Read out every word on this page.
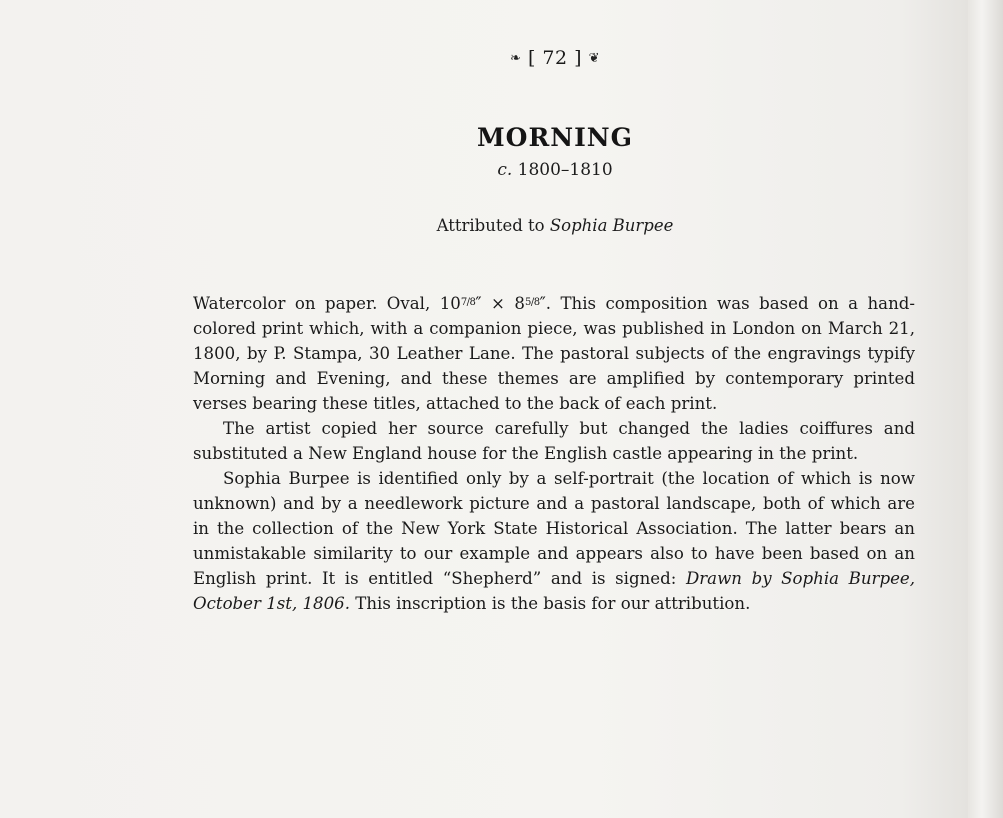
❧ [ 72 ] ❦
MORNING
c. 1800–1810
Attributed to Sophia Burpee

Watercolor on paper. Oval, $10^{7/8}'' \times 8^{5/8}''$. This composition was based on a hand-colored print which, with a companion piece, was published in London on March 21, 1800, by P. Stampa, 30 Leather Lane. The pastoral subjects of the engravings typify Morning and Evening, and these themes are amplified by contemporary printed verses bearing these titles, attached to the back of each print.

The artist copied her source carefully but changed the ladies coiffures and substituted a New England house for the English castle appearing in the print.

Sophia Burpee is identified only by a self-portrait (the location of which is now unknown) and by a needlework picture and a pastoral landscape, both of which are in the collection of the New York State Historical Association. The latter bears an unmistakable similarity to our example and appears also to have been based on an English print. It is entitled “Shepherd” and is signed: Drawn by Sophia Burpee, October 1st, 1806. This inscription is the basis for our attribution.
